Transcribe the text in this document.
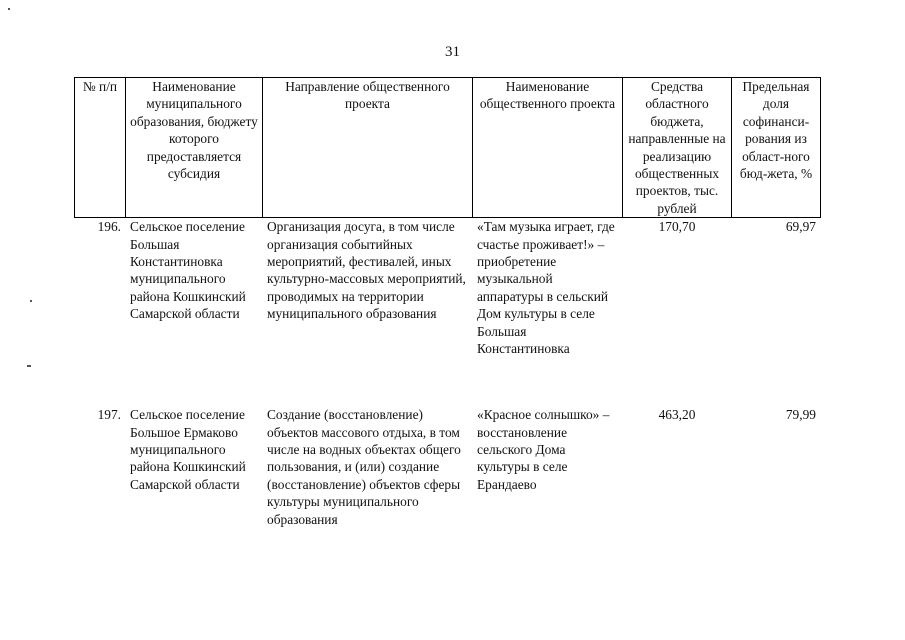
31
№ п/п	Наименование муниципального образования, бюджету которого предоставляется субсидия	Направление общественного проекта	Наименование общественного проекта	Средства областного бюджета, направленные на реализацию общественных проектов, тыс. рублей	Предельная доля софинанси-рования из област-ного бюд-жета, %
196.	Сельское поселение Большая Константиновка муниципального района Кошкинский Самарской области	Организация досуга, в том числе организация событийных мероприятий, фестивалей, иных культурно-массовых мероприятий, проводимых на территории муниципального образования	«Там музыка играет, где счастье проживает!» – приобретение музыкальной аппаратуры в сельский Дом культуры в селе Большая Константиновка	170,70	69,97
197.	Сельское поселение Большое Ермаково муниципального района Кошкинский Самарской области	Создание (восстановление) объектов массового отдыха, в том числе на водных объектах общего пользования, и (или) создание (восстановление) объектов сферы культуры муниципального образования	«Красное солнышко» – восстановление сельского Дома культуры в селе Ерандаево	463,20	79,99
